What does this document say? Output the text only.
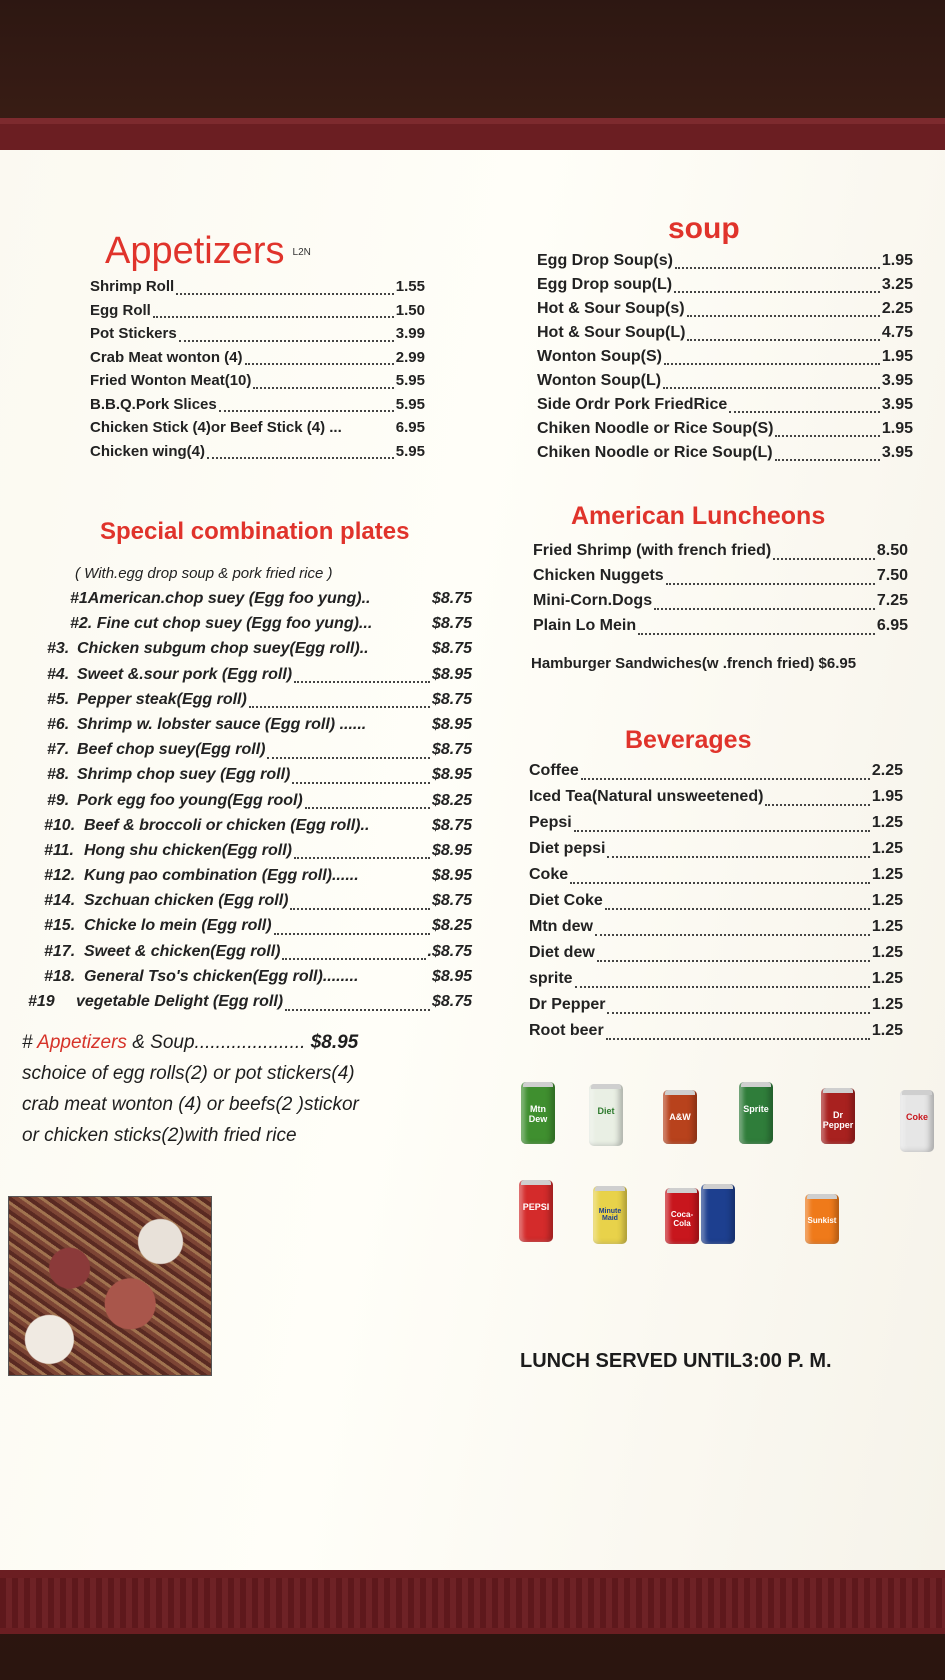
Appetizers L2N
Shrimp Roll	1.55
Egg Roll	1.50
Pot Stickers	3.99
Crab Meat wonton (4)	2.99
Fried Wonton Meat(10)	5.95
B.B.Q.Pork Slices	5.95
Chicken Stick (4)or Beef Stick (4) ...	6.95
Chicken wing(4)	5.95
Special combination plates
( With.egg drop soup & pork fried rice )
#1American.chop suey (Egg foo yung)..	$8.75
#2. Fine cut chop suey (Egg foo yung)...	$8.75
#3. Chicken subgum chop suey(Egg roll)..	$8.75
#4. Sweet &.sour pork (Egg roll)	$8.95
#5. Pepper steak(Egg roll)	$8.75
#6. Shrimp w. lobster sauce (Egg roll) ......	$8.95
#7. Beef chop suey(Egg roll)	$8.75
#8. Shrimp chop suey (Egg roll)	$8.95
#9. Pork egg foo young(Egg rool)	$8.25
#10. Beef & broccoli or chicken (Egg roll)..	$8.75
#11. Hong shu chicken(Egg roll)	$8.95
#12. Kung pao combination (Egg roll)......	$8.95
#14. Szchuan chicken (Egg roll)	$8.75
#15. Chicke lo mein (Egg roll)	$8.25
#17. Sweet & chicken(Egg roll)	.$8.75
#18. General Tso's chicken(Egg roll)........	$8.95
#19 vegetable Delight (Egg roll)	$8.75
# Appetizers & Soup..................... $8.95
schoice of egg rolls(2) or pot stickers(4)
crab meat wonton (4) or beefs(2 )stickor
or chicken sticks(2)with fried rice
soup
Egg Drop Soup(s)	1.95
Egg Drop soup(L)	3.25
Hot & Sour Soup(s)	2.25
Hot & Sour Soup(L)	4.75
Wonton Soup(S)	1.95
Wonton Soup(L)	3.95
Side Ordr Pork FriedRice	3.95
Chiken Noodle or Rice Soup(S)	1.95
Chiken Noodle or Rice Soup(L)	3.95
American Luncheons
Fried Shrimp (with french fried)	8.50
Chicken Nuggets	7.50
Mini-Corn.Dogs	7.25
Plain Lo Mein	6.95
Hamburger Sandwiches(w .french fried) $6.95
Beverages
Coffee	2.25
Iced Tea(Natural unsweetened)	1.95
Pepsi	1.25
Diet pepsi	1.25
Coke	1.25
Diet Coke	1.25
Mtn dew	1.25
Diet dew	1.25
sprite	1.25
Dr Pepper	1.25
Root beer	1.25
Mtn Dew
Diet
A&W
Sprite
Dr Pepper
Coke
PEPSI	Minute Maid	Coca-Cola	Sunkist
LUNCH SERVED UNTIL3:00 P. M.
